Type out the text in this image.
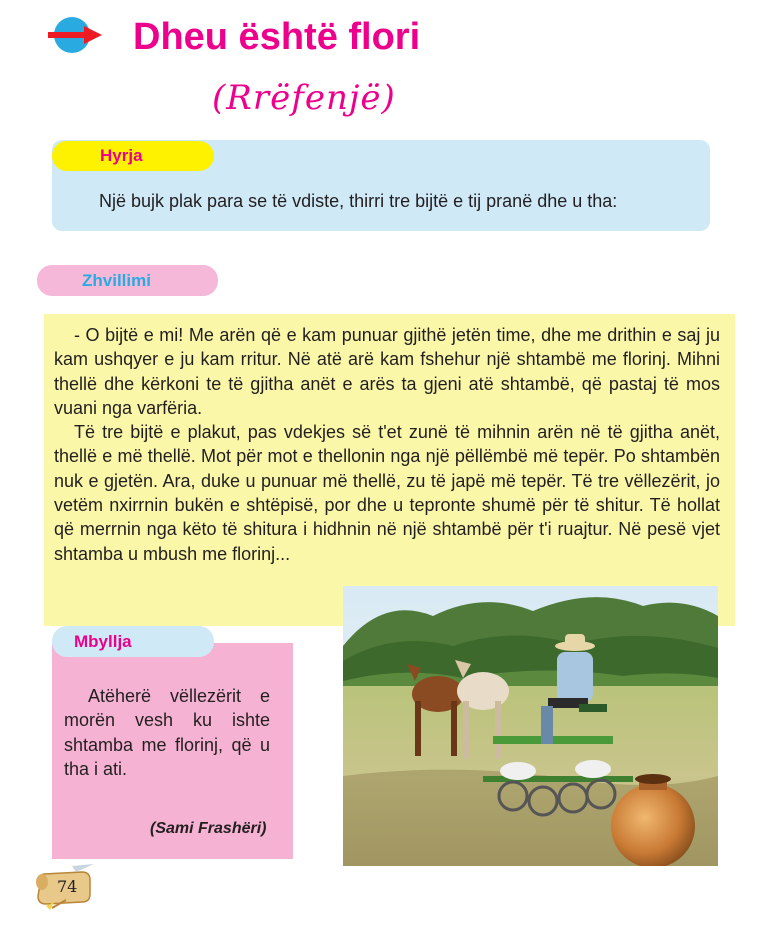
Dheu është flori
(Rrëfenjë)
Hyrja
Një bujk plak para se të vdiste, thirri tre bijtë e tij pranë dhe u tha:
Zhvillimi

- O bijtë e mi! Me arën që e kam punuar gjithë jetën time, dhe me drithin e saj ju kam ushqyer e ju kam rritur. Në atë arë kam fshehur një shtambë me florinj. Mihni thellë dhe kërkoni te të gjitha anët e arës ta gjeni atë shtambë, që pastaj të mos vuani nga varfëria.

Të tre bijtë e plakut, pas vdekjes së t'et zunë të mihnin arën në të gjitha anët, thellë e më thellë. Mot për mot e thellonin nga një pëllëmbë më tepër. Po shtambën nuk e gjetën. Ara, duke u punuar më thellë, zu të japë më tepër. Të tre vëllezërit, jo vetëm nxirrnin bukën e shtëpisë, por dhe u tepronte shumë për të shitur. Të hollat që merrnin nga këto të shitura i hidhnin në një shtambë për t'i ruajtur. Në pesë vjet shtamba u mbush me florinj...

Mbyllja
Atëherë vëllezërit e morën vesh ku ishte shtamba me florinj, që u tha i ati.
(Sami Frashëri)
74
